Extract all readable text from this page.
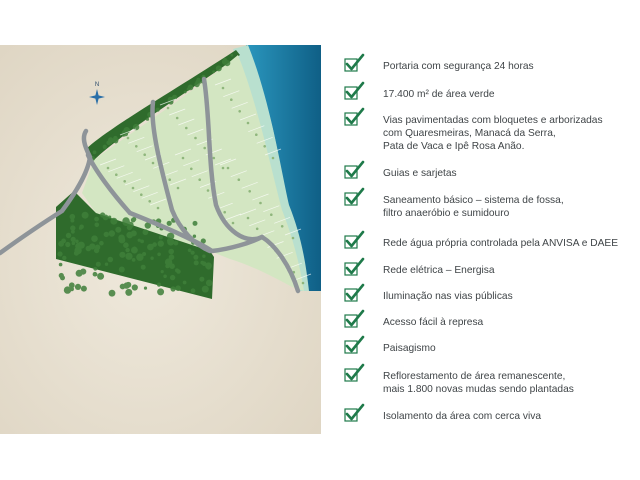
N
Portaria com segurança 24 horas
17.400 m² de área verde
Vias pavimentadas com bloquetes e arborizadas
com Quaresmeiras, Manacá da Serra,
Pata de Vaca e Ipê Rosa Anão.
Guias e sarjetas
Saneamento básico – sistema de fossa,
filtro anaeróbio e sumidouro
Rede água própria controlada pela ANVISA e DAEE
Rede elétrica – Energisa
Iluminação nas vias públicas
Acesso fácil à represa
Paisagismo
Reflorestamento de área remanescente,
mais 1.800 novas mudas sendo plantadas
Isolamento da área com cerca viva
